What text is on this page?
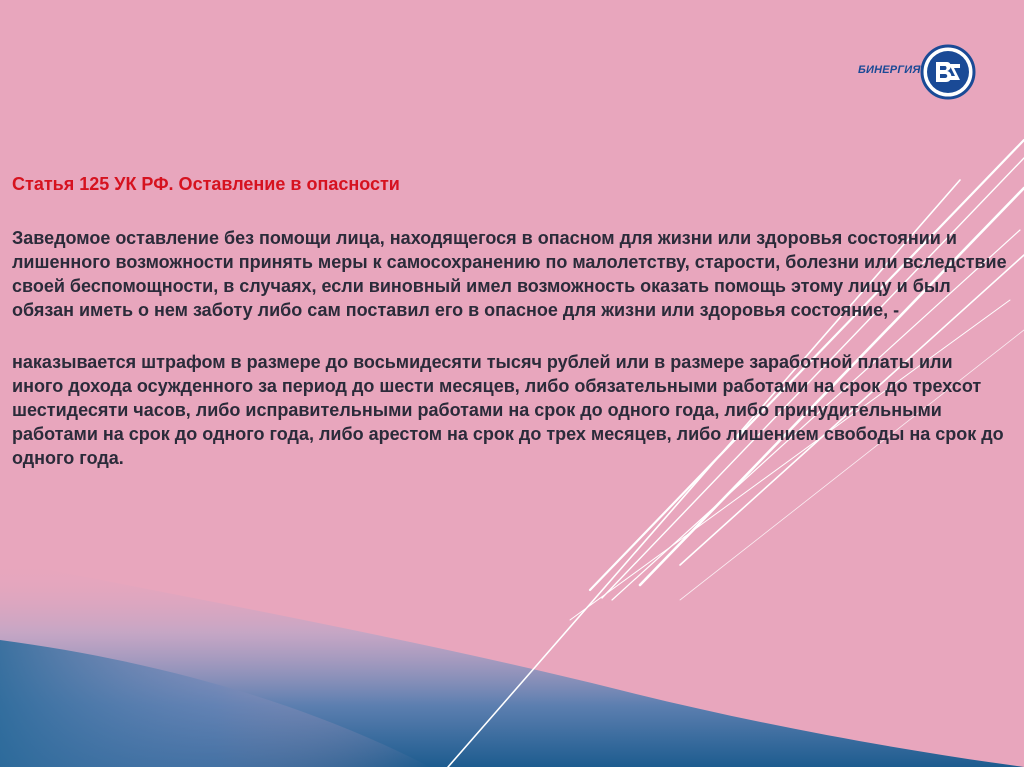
БИНЕРГИЯ
Статья 125 УК РФ. Оставление в опасности
Заведомое оставление без помощи лица, находящегося в опасном для жизни или здоровья состоянии и лишенного возможности принять меры к самосохранению по малолетству, старости, болезни или вследствие своей беспомощности, в случаях, если виновный имел возможность оказать помощь этому лицу и был обязан иметь о нем заботу либо сам поставил его в опасное для жизни или здоровья состояние, -
наказывается штрафом в размере до восьмидесяти тысяч рублей или в размере заработной платы или иного дохода осужденного за период до шести месяцев, либо обязательными работами на срок до трехсот шестидесяти часов, либо исправительными работами на срок до одного года, либо принудительными работами на срок до одного года, либо арестом на срок до трех месяцев, либо лишением свободы на срок до одного года.
